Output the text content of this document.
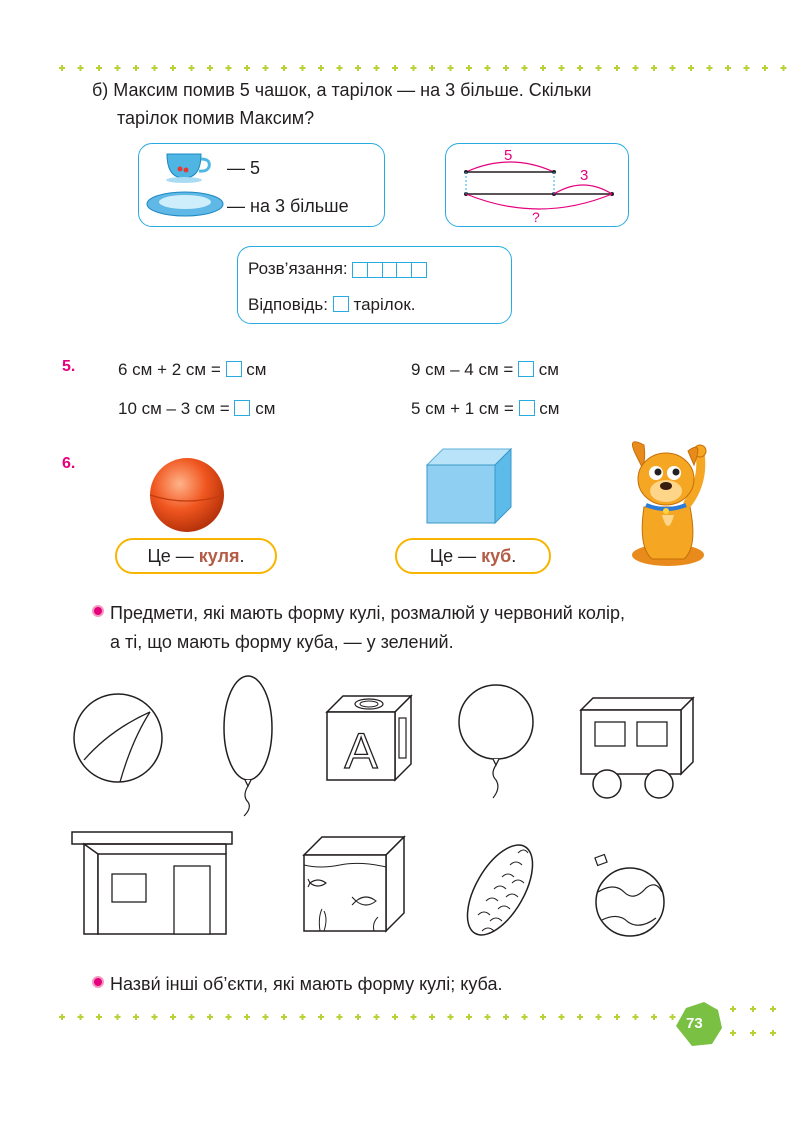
б) Максим помив 5 чашок, а тарілок — на 3 більше. Скільки
тарілок помив Максим?
— 5
— на 3 більше
5
3
?
Розв’язання:
Відповідь: тарілок.
5.	6 см + 2 см = см	9 см – 4 см = см
10 см – 3 см = см	5 см + 1 см = см
6.
Це — куля.	Це — куб.
Предмети, які мають форму кулі, розмалюй у червоний колір,
а ті, що мають форму куба, — у зелений.
A
Назви́ інші об’єкти, які мають форму кулі; куба.
73
